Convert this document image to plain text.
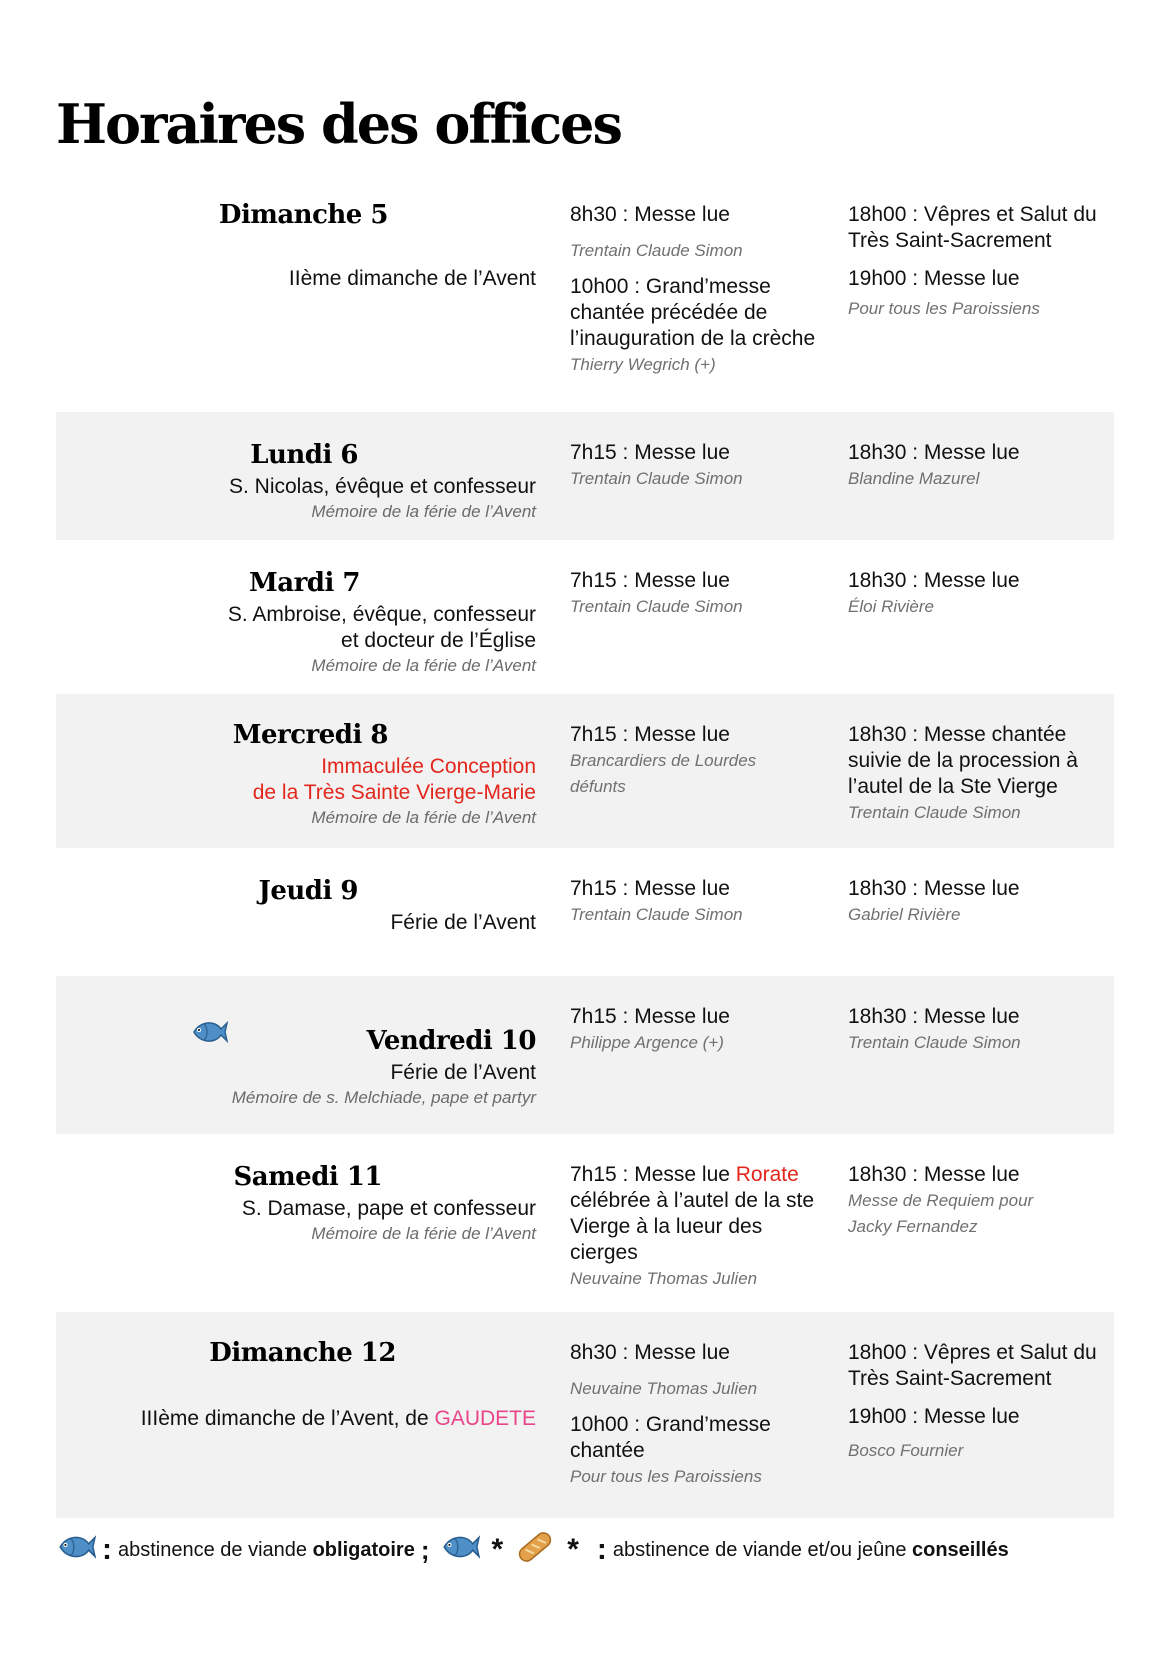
Horaires des offices
Dimanche 5
IIème dimanche de l’Avent
8h30 : Messe lue
Trentain Claude Simon
10h00 : Grand’messe chantée précédée de l’inauguration de la crèche
Thierry Wegrich (+)
18h00 : Vêpres et Salut du Très Saint-Sacrement
19h00 : Messe lue
Pour tous les Paroissiens
Lundi 6
S. Nicolas, évêque et confesseur
Mémoire de la férie de l’Avent
7h15 : Messe lue
Trentain Claude Simon
18h30 : Messe lue
Blandine Mazurel
Mardi 7
S. Ambroise, évêque, confesseur
et docteur de l’Église
Mémoire de la férie de l’Avent
7h15 : Messe lue
Trentain Claude Simon
18h30 : Messe lue
Éloi Rivière
Mercredi 8
Immaculée Conception
de la Très Sainte Vierge-Marie
Mémoire de la férie de l’Avent
7h15 : Messe lue
Brancardiers de Lourdes
défunts
18h30 : Messe chantée suivie de la procession à l’autel de la Ste Vierge
Trentain Claude Simon
Jeudi 9
Férie de l’Avent
7h15 : Messe lue
Trentain Claude Simon
18h30 : Messe lue
Gabriel Rivière
Vendredi 10
Férie de l’Avent
Mémoire de s. Melchiade, pape et partyr
7h15 : Messe lue
Philippe Argence (+)
18h30 : Messe lue
Trentain Claude Simon
Samedi 11
S. Damase, pape et confesseur
Mémoire de la férie de l’Avent
7h15 : Messe lue Rorate célébrée à l’autel de la ste Vierge à la lueur des cierges
Neuvaine Thomas Julien
18h30 : Messe lue
Messe de Requiem pour Jacky Fernandez
Dimanche 12
IIIème dimanche de l’Avent, de GAUDETE
8h30 : Messe lue
Neuvaine Thomas Julien
10h00 : Grand’messe chantée
Pour tous les Paroissiens
18h00 : Vêpres et Salut du Très Saint-Sacrement
19h00 : Messe lue
Bosco Fournier
: abstinence de viande obligatoire ; * * : abstinence de viande et/ou jeûne conseillés
